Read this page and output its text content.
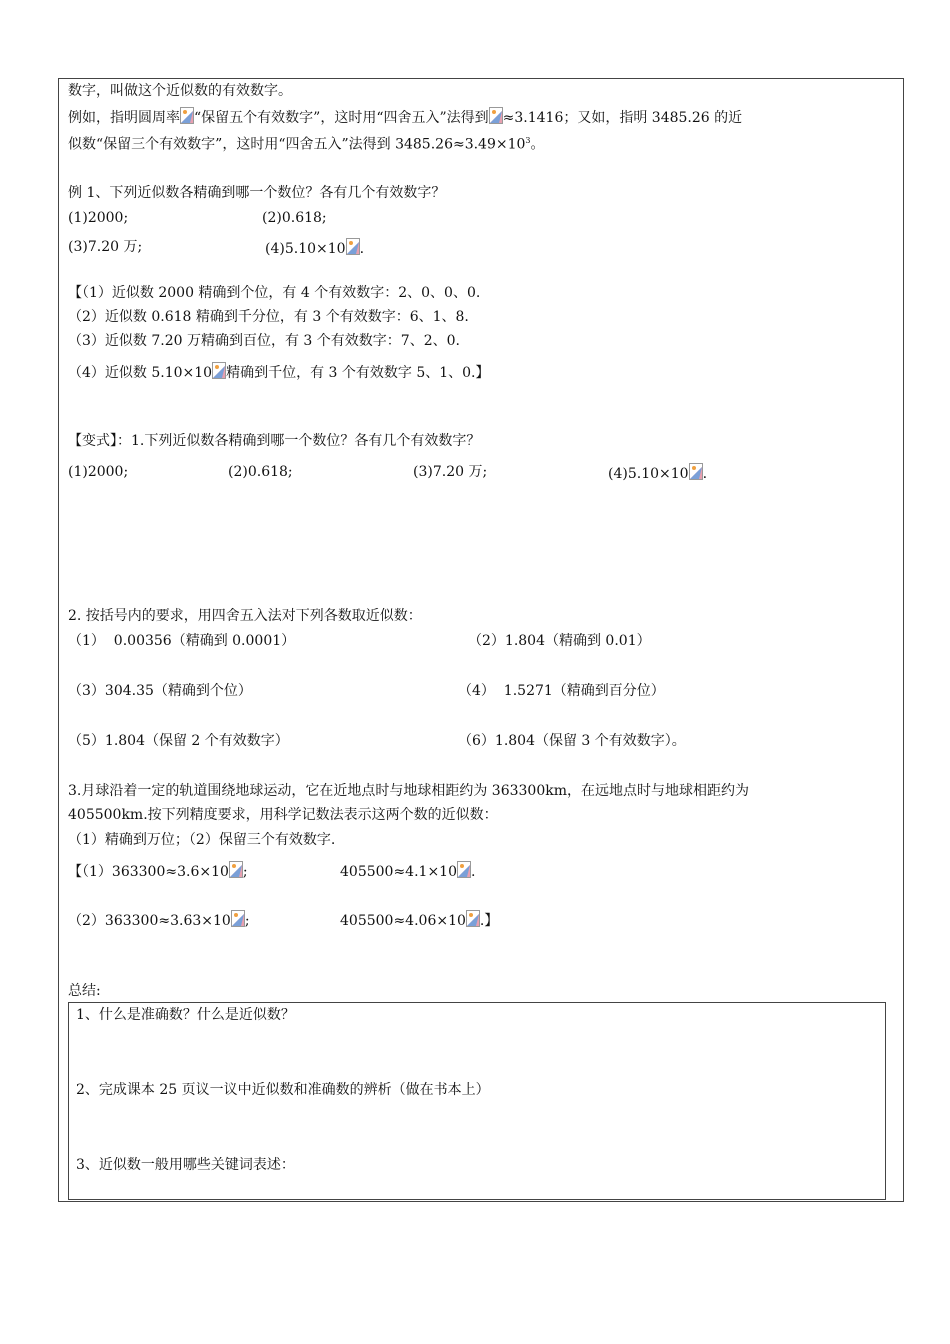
数字，叫做这个近似数的有效数字。
例如，指明圆周率 “保留五个有效数字”，这时用“四舍五入”法得到 ≈3.1416；又如，指明 3485.26 的近
似数“保留三个有效数字”，这时用“四舍五入”法得到 $3485.26\approx 3.49\times 10^3$。
例 1、下列近似数各精确到哪一个数位？各有几个有效数字？
(1)2000;	(2)0.618;
(3)7.20 万;	(4)5.10×10 .
【（1）近似数 2000 精确到个位，有 4 个有效数字：2、0、0、0.
（2）近似数 0.618 精确到千分位，有 3 个有效数字：6、1、8.
（3）近似数 7.20 万精确到百位，有 3 个有效数字：7、2、0.
（4）近似数 5.10×10 精确到千位，有 3 个有效数字 5、1、0.】
【变式】：1.下列近似数各精确到哪一个数位？各有几个有效数字？
(1)2000;	(2)0.618;	(3)7.20 万;	(4)5.10×10 .
2. 按括号内的要求，用四舍五入法对下列各数取近似数：
（1）  0.00356（精确到 0.0001）	（2）1.804（精确到 0.01）
（3）304.35（精确到个位）	（4）  1.5271（精确到百分位）
（5）1.804（保留 2 个有效数字）	（6）1.804（保留 3 个有效数字）。
3.月球沿着一定的轨道围绕地球运动，它在近地点时与地球相距约为 363300km，在远地点时与地球相距约为
405500km.按下列精度要求，用科学记数法表示这两个数的近似数：
（1）精确到万位；（2）保留三个有效数字.
【（1）363300≈3.6×10 ;	405500≈4.1×10 .
（2）363300≈3.63×10 ;	405500≈4.06×10 .】
总结:
1、什么是准确数？什么是近似数？
2、完成课本 25 页议一议中近似数和准确数的辨析（做在书本上）
3、近似数一般用哪些关键词表述：
